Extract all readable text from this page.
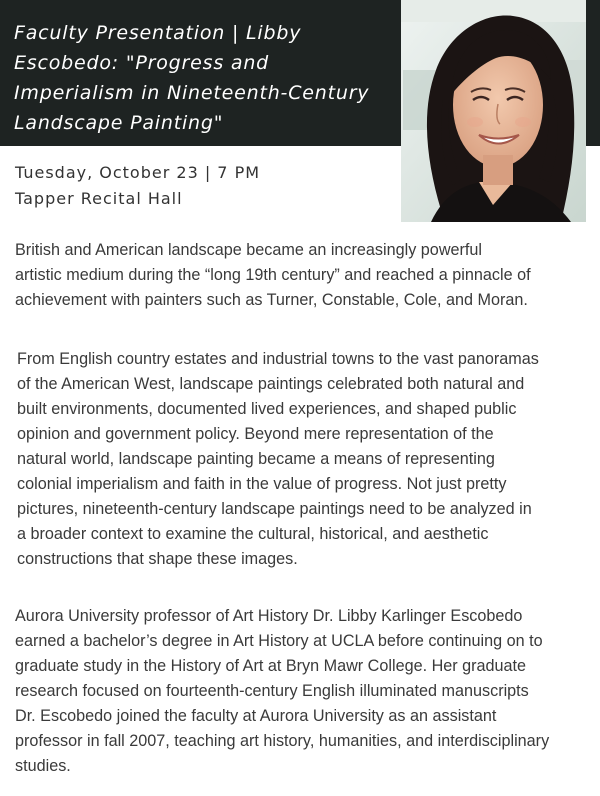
Faculty Presentation | Libby
Escobedo: "Progress and
Imperialism in Nineteenth-Century
Landscape Painting"
Tuesday, October 23 | 7 PM
Tapper Recital Hall

British and American landscape became an increasingly powerful
artistic medium during the “long 19th century” and reached a pinnacle of
achievement with painters such as Turner, Constable, Cole, and Moran.

From English country estates and industrial towns to the vast panoramas
of the American West, landscape paintings celebrated both natural and
built environments, documented lived experiences, and shaped public
opinion and government policy. Beyond mere representation of the
natural world, landscape painting became a means of representing
colonial imperialism and faith in the value of progress. Not just pretty
pictures, nineteenth-century landscape paintings need to be analyzed in
a broader context to examine the cultural, historical, and aesthetic
constructions that shape these images.

Aurora University professor of Art History Dr. Libby Karlinger Escobedo
earned a bachelor’s degree in Art History at UCLA before continuing on to
graduate study in the History of Art at Bryn Mawr College. Her graduate
research focused on fourteenth-century English illuminated manuscripts
Dr. Escobedo joined the faculty at Aurora University as an assistant
professor in fall 2007, teaching art history, humanities, and interdisciplinary
studies.
